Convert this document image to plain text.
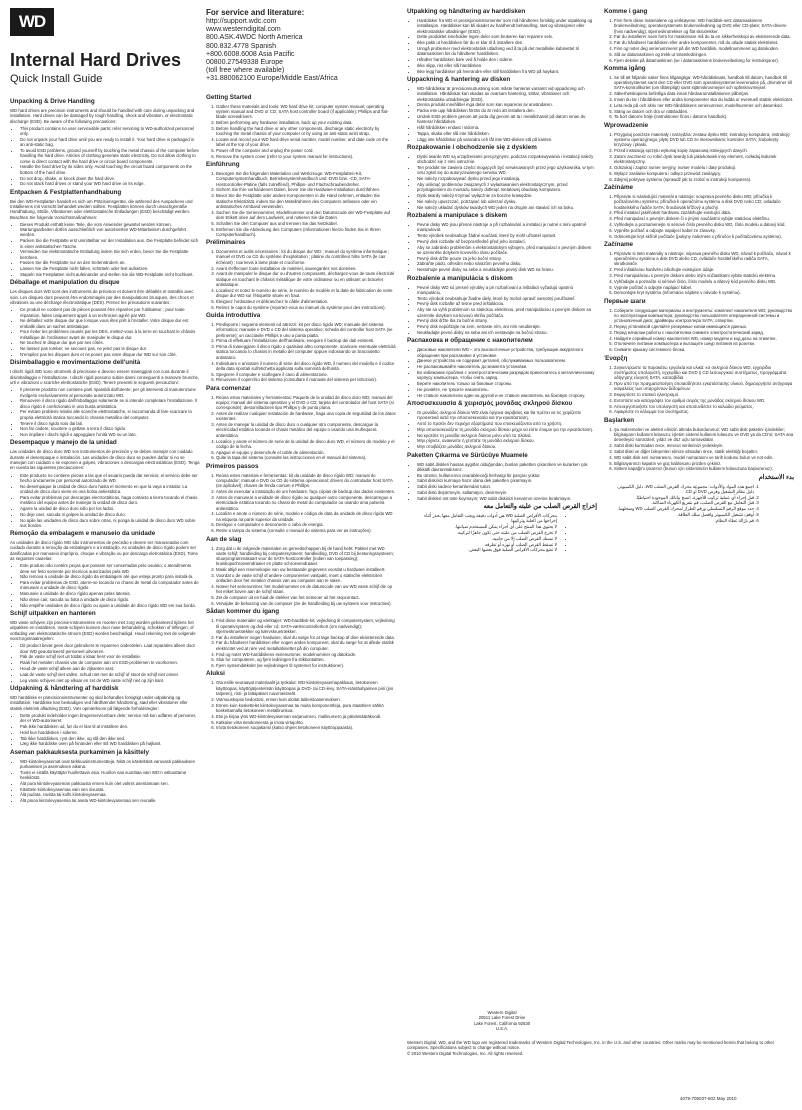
WD
Internal Hard Drives
Quick Install Guide
Unpacking & Drive Handling
WD hard drives are precision instruments and should be handled with care during unpacking and installation. Hard drives can be damaged by rough handling, shock and vibration, or electrostatic discharge (ESD). Be aware of the following precautions:
• This product contains no user serviceable parts; refer servicing to WD-authorized personnel only.
• Do not unpack your hard drive until you are ready to install it. Your hard drive is packaged in an anti-static bag.
• To avoid ESD problems, ground yourself by touching the metal chassis of the computer before handling the hard drive. Articles of clothing generate static electricity. Do not allow clothing to come in direct contact with the hard drive or circuit board components.
• Handle the hard drive by its sides only. Avoid touching the circuit board components on the bottom of the hard drive.
• Do not drop, shake, or knock down the hard drive.
• Do not stack hard drives or stand your WD hard drive on its edge.
Entpacken & Festplattenhandhabung
Bei den WD-Festplatten handelt es sich um Präzisionsgeräte, die während des Auspackens und Installierens mit Vorsicht behandelt werden sollten. Festplatten können durch unsachgemäße Handhabung, Stöße, Vibrationen oder elektrostatische Entladungen (ESD) beschädigt werden. Beachten Sie folgende Vorsichtsmaßnahmen:
• Dieses Produkt enthält keine Teile, die vom Anwender gewartet werden können. Wartungsarbeiten dürfen ausschließlich von autorisierten WD-Mitarbeitern durchgeführt werden.
• Packen Sie die Festplatte erst unmittelbar vor der Installation aus. Die Festplatte befindet sich in einer antistatischen Tasche.
• Vermeiden Sie elektrostatische Entladung indem Sie sich erden, bevor Sie die Festplatte berühren.
• Fassen Sie die Festplatte nur an den Seitenrändern an.
• Lassen Sie die Festplatte nicht fallen, schütteln oder fest aufsetzen.
• Stapeln Sie Festplatten nicht aufeinander und stellen Sie die WD-Festplatte nicht hochkant.
Déballage et manipulation du disque
Les disques durs WD sont des instruments de précision et doivent être déballés et installés avec soin. Les disques durs peuvent être endommagés par des manipulations brusques, des chocs et vibrations ou une décharge électrostatique (DES). Prenez les précautions suivantes :
• Ce produit ne contient pas de pièces pouvant être réparées par l'utilisateur ; pour toute réparation, faites uniquement appel à un technicien agréé par WD.
• Ne déballez votre disque dur que lorsque vous êtes prêt à l'installer. Votre disque dur est emballé dans un sachet antistatique.
• Pour éviter les problèmes causés par les DES, mettez-vous à la terre en touchant le châssis métallique de l'ordinateur avant de manipuler le disque dur.
• Ne touchez le disque dur que par ses côtés.
• Ne laissez pas tomber, ne secouez pas, ne jetez pas le disque dur.
• N'empilez pas les disques durs et ne posez pas votre disque dur WD sur son côté.
Disimballaggio e movimentazione dell'unità
I dischi rigidi WD sono strumenti di precisione e devono essere maneggiati con cura durante il disimballaggio e l'installazione. I dischi rigidi possono subire danni conseguenti a manovre brusche, urti e vibrazioni o scariche elettrostatiche (ESD). Tenere presenti le seguenti precauzioni:
• Il presente prodotto non contiene parti riparabili dall'utente; per gli interventi di manutenzione rivolgersi esclusivamente al personale autorizzato WD.
• Rimuovere il disco rigido dall'imballaggio solamente se si intende completare l'installazione. Il disco rigido è confezionato in una busta antistatica.
• Per evitare problemi relativi alle scariche elettrostatiche, si raccomanda di fare scaricare la propria elettricità statica toccando lo chassis metallico del computer.
• Tenere il disco rigido solo dai lati.
• Non far cadere, scuotere o gettare a terra il disco rigido.
• Non impilare i dischi rigidi o appoggiare l'unità WD su un lato.
Desempaque y manejo de la unidad
Las unidades de disco duro WD son instrumentos de precisión y se deben manejar con cuidado durante el desempaque e instalación. Las unidades de disco duro se pueden dañar si no se manejan con cuidado o se exponen a golpes, vibraciones o descargas electrostáticas (ESD). Tenga en cuenta las siguientes precauciones:
• Este producto no contiene piezas a las que el usuario pueda dar servicio; el servicio debe ser hecho únicamente por personal autorizado de WD.
• No desempaque la unidad de disco duro hasta el momento en que la vaya a instalar. La unidad de disco duro viene en una bolsa antiestática.
• Para evitar problemas por descargas electrostáticas, haga contacto a tierra tocando el chasis metálico del equipo antes de manejar la unidad de disco duro.
• Agarre la unidad de disco duro sólo por los lados.
• No deje caer, sacuda ni golpee la unidad de disco duro.
• No apile las unidades de disco duro sobre otras, ni ponga la unidad de disco duro WD sobre sus bordes.
Remoção da embalagem e manuseio da unidade
As unidades de disco rígido WD são instrumentos de precisão e devem ser manuseadas com cuidado durante a remoção da embalagem e a instalação. As unidades de disco rígido podem ser danificadas por manuseio impróprio, choque e vibração ou por descarga eletrostática (ESD). Tome as seguintes cautelas:
• Este produto não contém peças que possam ser consertadas pelo usuário; o atendimento deve ser feito somente por técnicos autorizados pela WD.
• Não remova a unidade de disco rígido da embalagem até que esteja pronto para instalá-la.
• Para evitar problemas de ESD, aterre-se tocando no chassi de metal do computador antes de manusear a unidade de disco rígido.
• Manuseie a unidade de disco rígido apenas pelas laterais.
• Não deixe cair, sacuda ou bata a unidade de disco rígido.
• Não empilhe unidades de disco rígido ou apoie a unidade de disco rígido WD em sua borda.
Schijf uitpakken en hanteren
WD vaste schijven zijn precisie-instrumenten en moeten met zorg worden gehanteerd tijdens het uitpakken en installeren. Vaste schijven kunnen door ruwe behandeling, schokken of trillingen, of ontlading van elektrostatische stroom (ESD) worden beschadigd. Houd rekening met de volgende voorzorgsmaatregelen:
• Dit product bevat geen door gebruikers te repareren onderdelen. Laat reparaties alleen door door WD geautoriseerd personeel uitvoeren.
• Pak de vaste schijf niet uit totdat u klaar bent voor de installatie.
• Raak het metalen chassis van de computer aan om ESD-problemen te voorkomen.
• Houd de vaste schijf alleen aan de zijkanten vast.
• Laat de vaste schijf niet vallen, schud niet met de schijf of stoot de schijf niet omver.
• Leg vaste schijven niet op elkaar en zet de WD vaste schijf niet op zijn kant.
Udpakning & håndtering af harddisk
WD harddiske er præcisionsinstrumenter og skal behandles forsigtigt under udpakning og installation. Harddiske kan beskadiges ved hårdhændet håndtering, stød eller vibrationer eller statisk elektrisk afladning (ESD). Vær opmærksom på følgende forholdsregler:
• Dette produkt indeholder ingen brugerservicerbare dele; service må kun udføres af personer, der er WD-autoriseret.
• Pak ikke harddisken ud, før du er klar til at installere den.
• Hold kun harddisken i siderne.
• Tab ikke harddisken, ryst den ikke, og slå den ikke ned.
• Læg ikke harddiske oven på hinanden eller stil WD harddisken på højkant.
Aseman pakkauksesta purkaminen ja käsittely
• WD-kiintolevyasemat ovat tarkkuusinstrumentteja. Niitä on käsiteltävä varovasti pakkauksen purkamisen ja asennuksen aikana.
• Tuote ei sisällä käyttäjän huollettavia osia. Huollon saa suorittaa vain WD:n valtuuttama henkilöstö.
• Älä pura kiintolevyaseman pakkausta ennen kuin olet valmis asentamaan sen.
• Käsittele kiintolevyasemaa vain sen sivuista.
• Älä pudota, ravista tai kolhi kiintolevyasemaa.
• Älä pinoa kiintolevyasemia tai aseta WD-kiintolevyasemaa sen reunalle.
For service and literature:
http://support.wdc.com
www.westerndigital.com
800.ASK.4WDC North America
800.832.4778 Spanish
+800.6008.6008 Asia Pacific
00800.27549338 Europe
(toll free where available)
+31.880062100 Europe/Middle East/Africa
Getting Started
1. Gather these materials and tools: WD hard drive kit; computer system manual; operating system manual and DVD or CD; SATA host controller board (if applicable); Phillips and flat-blade screwdrivers.
2. Before performing any hardware installation, back up your existing data.
3. Before handling the hard drive or any other components, discharge static electricity by touching the metal chassis of your computer or by using an anti-static wrist strap.
4. Locate and record your WD hard drive serial number, model number, and date code on the label at the top of your drive.
5. Power off the computer and unplug the power cord.
6. Remove the system cover (refer to your system manual for instructions).
Einführung
1. Besorgen Sie die folgenden Materialien und Werkzeuge: WD-Festplatten-Kit, Computersystemhandbuch, Betriebssystemhandbuch und -DVD bzw. -CD, SATA-Hostcontroller-Platine (falls zutreffend), Phillips- und Flachschraubendreher.
2. Sichern Sie Ihre vorhandenen Daten, bevor Sie die Hardware-Installation durchführen.
3. Bevor Sie die Festplatte oder andere Komponenten in die Hand nehmen, entladen Sie statische Elektrizität, indem Sie den Metallrahmen des Computers anfassen oder ein antistatisches Armband verwenden.
4. Suchen Sie die Seriennummer, Modellnummer und den Datumscode der WD-Festplatte auf dem Etikett oben auf dem Laufwerk, und notieren Sie die Daten.
5. Schalten Sie den Computer aus und trennen Sie das Netzkabel.
6. Entfernen Sie die Abdeckung des Computers (Informationen hierzu finden Sie in Ihrem Computerhandbuch).
Préliminaires
1. Documents et outils nécessaires : kit du disque dur WD ; manuel du système informatique ; manuel et DVD ou CD du système d'exploitation ; platine du contrôleur hôte SATA (le cas échéant) ; tournevis à lame plate et cruciforme.
2. Avant d'effectuer toute installation de matériel, sauvegardez vos données.
3. Avant de manipuler le disque dur ou d'autres composants, déchargez-vous de toute électricité statique en touchant le châssis métallique de votre ordinateur ou en utilisant un bracelet antistatique.
4. Localisez et notez le numéro de série, le numéro de modèle et la date de fabrication de votre disque dur WD sur l'étiquette située en haut.
5. Éteignez l'ordinateur et débranchez le câble d'alimentation.
6. Retirez le capot du système (reportez-vous au manuel du système pour des instructions).
Guida introduttiva
1. Predisporre i seguenti elementi ed attrezzi: kit per disco rigido WD; manuale del sistema informatico; manuale e DVD o CD del sistema operativo; scheda del controller host SATA (se pertinente); un cacciavite Phillips e uno a punta piatta.
2. Prima di effettuare l'installazione dell'hardware, eseguire il backup dei dati esistenti.
3. Prima di maneggiare il disco rigido o qualsiasi altro componente, scaricare eventuale elettricità statica toccando lo chassis in metallo del computer oppure indossando un braccialetto antistatico.
4. Individuare e annotare il numero di serie del disco rigido WD, il numero del modello e il codice della data riportati sull'etichetta applicata sulla sommità dell'unità.
5. Spegnere il computer e scollegare il cavo di alimentazione.
6. Rimuovere il coperchio del sistema (consultare il manuale del sistema per istruzioni).
Para comenzar
1. Reúna estos materiales y herramientas: Paquete de la unidad de disco duro WD; manual del equipo; manual del sistema operativo y el DVD o CD; tarjeta del controlador del host SATA (si corresponde); destornilladores tipo Phillips y de punta plana.
2. Antes de realizar cualquier instalación de hardware, haga una copia de seguridad de los datos existentes.
3. Antes de manejar la unidad de disco duro o cualquier otro componente, descargue la electricidad estática tocando el chasis metálico del equipo o usando una muñequera antiestática.
4. Localice y anote el número de serie de la unidad de disco duro WD, el número de modelo y el código de la fecha.
5. Apague el equipo y desenchufe el cable de alimentación.
6. Quite la tapa del sistema (consulte las instrucciones en el manual del sistema).
Primeiros passos
1. Reúna estes materiais e ferramentas: kit da unidade de disco rígido WD; manual do computador; manual e DVD ou CD do sistema operacional; drivers do controlador host SATA (se aplicável); chaves de fenda comum e Phillips.
2. Antes de executar a instalação de um hardware, faça cópias de backup dos dados existentes.
3. Antes de manusear a unidade de disco rígido ou qualquer outro componente, descarregue a eletricidade estática tocando no chassi de metal do computador ou usando uma pulseira antiestática.
4. Localize e anote o número de série, modelo e código de data da unidade de disco rígido WD na etiqueta na parte superior da unidade.
5. Desligue o computador e desconecte o cabo de energia.
6. Retire a tampa do sistema (consulte o manual do sistema para ver as instruções).
Aan de slag
1. Zorg dat u de volgende materialen en gereedschappen bij de hand hebt: Pakket met WD vaste schijf; handleiding bij computersysteem; handleiding, DVD of CD bij besturingssysteem; stuurprogrammakaart voor de SATA-hostcontroller (indien van toepassing); kruiskopschroevendraaier en platte schroevendraaier.
2. Maak altijd een reservekopie van uw bestaande gegevens voordat u hardware installeert.
3. Voordat u de vaste schijf of andere componenten vastpakt, moet u statische elektriciteit ontladen door het metalen chassis van uw computer aan te raken.
4. Noteer het serienummer, het modelnummer en de datumcode van uw WD vaste schijf die op het etiket boven aan de schijf staan.
5. Zet de computer uit en haal de stekker van het netsnoer uit het stopcontact.
6. Verwijder de behuizing van de computer (zie de handleiding bij uw systeem voor instructies).
Sådan kommer du igang
1. Find disse materialer og værktøjer: WD-harddisk-kit; vejledning til computersystem; vejledning til operativsystem og dvd eller cd; SATA-værtscontrollerkort (om nødvendigt); stjerneskruetrækker og kærvskruetrækker.
2. Før du installerer nogen hardware, skal du sørge for at tage backup af dine eksisterende data.
3. Før du håndterer harddisken eller nogen anden komponent, skal du sørge for at aflede statisk elektricitet ved at røre ved metalkabinettet på din computer.
4. Find og noter WD-harddiskens serienummer, modelnummer og datokode.
5. Sluk for computeren, og fjern ledningen fra stikkontakten.
6. Fjern systemdækslet (se vejledningen til systemet for instruktioner).
Aluksi
1. Ota esille seuraavat materiaalit ja työkalut: WD-kiintolevyasemapakkaus, tietokoneen käyttöopas, käyttöjärjestelmän käyttöopas ja DVD- tai CD-levy, SATA-isäntäohjaimen piiri (jos tarpeen), risti- ja lattapäiset ruuvimeisselit.
2. Varmuuskopioi tiedostosi, ennen kuin aloitat laitteistoasennuksen.
3. Ennen kuin koskettelet kiintolevyasemaa tai muita komponentteja, pura staattinen sähkö koskettamalla tietokoneen metallirunkoa.
4. Etsi ja kirjaa ylös WD-kiintolevyaseman sarjanumero, mallinumero ja päivämääräkoodi.
5. Katkaise virta tietokoneesta ja irrota virtajohto.
6. Irrota tietokoneen suojakansi (katso ohjeet tietokoneen käyttöoppaasta).
Utpakking og håndtering av harddisken
• Harddisker fra WD er presisjonsinstrumenter som må håndteres forsiktig under utpakking og installasjon. Harddisker kan bli skadet av hardhendt behandling, støt og vibrasjoner eller elektrostatiske utladninger (ESD).
• Dette produktet inneholder ingen deler som brukeren kan reparere selv.
• Ikke pakk ut harddisken før du er klar til å installere den.
• Unngå problemer med elektrostatisk utladning ved å ta på det metalliske kabinettet til datamaskinen før du håndterer harddisken.
• Håndter harddisken bare ved å holde den i sidene.
• Ikke slipp, rist eller slå harddisken.
• Ikke legg harddisker på hverandre eller still harddisken fra WD på høykant.
Uppackning & hantering av disken
• WD-hårddiskar är precisionsutrustning som måste hanteras varsamt vid uppackning och installation. Hårddiskar kan skadas av ovarsam hantering, stötar, vibrationer och elektrostatiska urladdningar (ESD).
• Denna produkt innehåller inga delar som kan repareras av användaren.
• Packa inte upp hårddisken förrän du är redo att installera den.
• Undvik ESD-problem genom att jorda dig genom att ta i metallchassit på datorn innan du hanterar hårddisken.
• Håll hårddisken endast i sidorna.
• Tappa, skaka eller slå inte hårddisken.
• Lägg inte hårddiskar på varandra och låt inte WD-disken stå på kanten.
Rozpakowanie i obchodzenie się z dyskiem
• Dyski twarde WD są urządzeniami precyzyjnymi, podczas rozpakowywania i instalacji należy obchodzić się z nimi ostrożnie.
• Ten produkt nie zawiera części mogących być serwisowanych przez jego użytkownika, w tym celu zgłoś się do autoryzowanego serwisu WD.
• Nie należy rozpakowywać dysku przed jego instalacją.
• Aby uniknąć problemów związanych z wyładowaniem elektrostatycznym, przed przystąpieniem do montażu należy dotknąć metalowej obudowy komputera.
• Dysk twardy należy trzymać wyłącznie za boczne krawędzie.
• Nie należy upuszczać, potrząsać lub uderzać dysku.
• Nie należy układać dysków twardych WD jeden na drugim ani stawiać ich na boku.
Rozbalení a manipulace s diskem
• Pevné disky WD jsou přesné nástroje a při rozbalování a instalaci je nutné s nimi opatrně manipulovat.
• Tento výrobek neobsahuje žádné součásti, které by mohl uživatel opravit.
• Pevný disk rozbalte až bezprostředně před jeho instalací.
• Aby se zabránilo problémům s elektrostatickým výbojem, před manipulací s pevným diskem se uzemněte dotykem kovového rámu počítače.
• Pevný disk držte pouze za jeho boční strany.
• Zabraňte pádu, otřesům nebo nárazům pevného disku.
• Nestohujte pevné disky na sebe a neukládejte pevný disk WD na hranu.
Rozbalenie a manipulácia s diskom
• Pevné disky WD sú presné výrobky a pri rozbaľovaní a inštalácii vyžadujú opatrnú manipuláciu.
• Tento výrobok neobsahuje žiadne diely, ktoré by mohol opraviť samotný používateľ.
• Pevný disk rozbaľte až tesne pred inštaláciou.
• Aby ste sa vyhli problémom so statickou elektrinou, pred manipuláciou s pevným diskom sa uzemnite dotykom na kovovú skriňu počítača.
• Pevný disk držte iba za bočné strany.
• Pevný disk nepúšťajte na zem, netraste ním, ani ním neudierajte.
• Neukladajte pevné disky na seba ani ich nestavajte na bočnú stranu.
Распаковка и обращение с накопителем
• Дисковые накопители WD – это высокоточные устройства, требующие аккуратного обращения при распаковке и установке.
• Данное устройство не содержит деталей, обслуживаемых пользователем.
• Не распаковывайте накопитель до момента установки.
• Во избежание проблем с электростатическим разрядом прикоснитесь к металлическому корпусу компьютера, чтобы снять заряд.
• Берите накопитель только за боковые стороны.
• Не роняйте, не трясите накопитель.
• Не ставьте накопители один на другой и не ставьте накопитель на боковую сторону.
Αποσυσκευασία & χειρισμός μονάδας σκληρού δίσκου
• Οι μονάδες σκληρού δίσκου WD είναι όργανα ακριβείας και θα πρέπει να τις χειρίζεστε προσεκτικά κατά την αποσυσκευασία και την εγκατάσταση.
• Αυτό το προϊόν δεν περιέχει εξαρτήματα που επισκευάζονται από το χρήστη.
• Μην αποσυσκευάζετε τη μονάδα σκληρού δίσκου μέχρι να είστε έτοιμοι για την εγκατάσταση.
• Να κρατάτε τη μονάδα σκληρού δίσκου μόνο από τα πλαϊνά.
• Μην ρίχνετε, ανακινείτε ή χτυπάτε τη μονάδα σκληρού δίσκου.
• Μην στοιβάζετε μονάδες σκληρού δίσκου.
Paketten Çıkarma ve Sürücüye Muamele
• WD sabit diskleri hassas aygıtlar olduğundan, bunları paketten çıkarırken ve kurarken çok dikkatli davranmalısınız.
• Bu ürünün, kullanıcının onarabileceği herhangi bir parçası yoktur.
• Sabit diskinizi kurmaya hazır olana dek paketten çıkarmayın.
• Sabit diski sadece kenarlarından tutun.
• Sabit diski düşürmeyin, sallamayın, devirmeyin.
• Sabit diskleri üst üste koymayın; WD sabit diskinizi kenarının üzerine bırakmayın.
إخراج القرص الصلب من علبته والتعامل معه
• محركات الأقراص الصلبة WD هي أدوات دقيقة ويجب التعامل معها بحذر أثناء إخراجها من العلبة وتركيبها.
• لا يحتوي هذا المنتج على أي أجزاء يمكن للمستخدم صيانتها.
• لا تخرج القرص الصلب من علبته حتى تكون جاهزًا لتركيبه.
• لا تمسك القرص الصلب إلا من جانبيه.
• لا تسقط القرص الصلب أو تهزه أو تطرقه.
• لا تضع محركات الأقراص الصلبة فوق بعضها البعض.
Komme i gang
1. Finn frem disse materialene og verktøyene: WD harddisk-sett; datamaskinens brukerveiledning; operativsystemets brukerveiledning og DVD eller CD-plate; SATA-drivere (hvis nødvendig); stjerneskrutrekker og flat skrutrekker.
2. Før du installerer noen form for maskinvare må du ta en sikkerhetskopi av eksisterende data.
3. Før du håndterer harddisken eller andre komponenter, må du utlade statisk elektrisitet.
4. Finn og noter deg serienummeret på din WD harddisk, modellnummeret og datokoden.
5. Slå av datamaskinen og trekk ut strømledningen.
6. Fjern dekslet på datamaskinen (se i datamaskinens brukerveiledning for instruksjoner).
Komma igång
1. Se till att följande saker finns tillgängliga: WD-hårddisksats, handbok till datorn, handbok till operativsystemet samt den CD eller DVD som operativsystemet levererades på, drivrutiner till SATA-kontrollkortet (om tillämpligt) samt stjärnskruvmejsel och spårskruvmejsel.
2. Säkerhetskopiera befintliga data innan hårdvaruinstallationen påbörjas.
3. Innan du tar i hårddisken eller andra komponenter ska du ladda ur eventuell statisk elektricitet.
4. Leta reda på och skriv ner WD-hårddiskens serienummer, modellnummer och datumkod.
5. Stäng av datorn och dra ur nätsladden.
6. Ta bort datorns hölje (instruktioner finns i datorns handbok).
Wprowadzenie
1. Przygotuj poniższe materiały i narzędzia: zestaw dysku WD; instrukcję komputera; instrukcję systemu operacyjnego, płytę DVD lub CD ze sterownikami; kontroler SATA; śrubokręty krzyżowy i płaski.
2. Przed instalacją sprzętu wykonaj kopię zapasową istniejących danych.
3. Zanim zaczniesz co robić dysk twardy lub jakiekolwiek inny element, rozładuj ładunek elektrostatyczny.
4. Odszukaj i zapisz numer seryjny, numer modelu i datę produkcji.
5. Wyłącz zasilanie komputera i odłącz przewód zasilający.
6. Zdejmij pokrywę systemu (sprawdź jak to zrobić w instrukcji komputera).
Začínáme
1. Připravte si následující materiál a nástroje: souprava pevného disku WD; příručka k počítačovému systému; příručka k operačnímu systému a disk DVD nebo CD; ovladače hostitelského řadiče SATA; šroubovák křížový a plochý.
2. Před instalací jakéhokoli hardwaru zazálohujte existující data.
3. Před manipulací s pevným diskem či s jinými součástmi vybijte statickou elektřinu.
4. Vyhledejte a poznamenejte si sériové číslo pevného disku WD, číslo modelu a datový kód.
5. Vypněte počítač a odpojte napájecí kabel ze zásuvky.
6. Odmontujte kryt skříně počítače (pokyny naleznete v příručce k počítačovému systému).
Začíname
1. Pripravte si tieto materiály a nástroje: súprava pevného disku WD, návod k počítaču, návod k operačnému systému a disk DVD alebo CD, ovládače hostiteľského radiča SATA, skrutkovače.
2. Pred inštaláciou hardvéru zálohujte existujúce údaje.
3. Pred manipuláciou s pevným diskom alebo iným súčiastkami vybite statickú elektrinu.
4. Vyhľadajte a poznačte si sériové číslo, číslo modelu a dátový kód pevného disku WD.
5. Vypnite počítač a odpojte napájací kábel.
6. Demontujte kryt systému (informácie nájdete v návode k systému).
Первые шаги
1. Соберите следующие материалы и инструменты: комплект накопителя WD; руководство по эксплуатации компьютера; руководство пользователя операционной системы и установочный диск; драйверы контроллера SATA; отвертки.
2. Перед установкой сделайте резервные копии имеющихся данных.
3. Перед началом работы с накопителем снимите электростатический заряд.
4. Найдите серийный номер накопителя WD, номер модели и код даты на этикетке.
5. Отключите питание компьютера и вытащите шнур питания из розетки.
6. Снимите крышку системного блока.
Έναρξη
1. Συγκεντρώστε τα παρακάτω εργαλεία και υλικά: κιτ σκληρού δίσκου WD, εγχειρίδιο συστήματος υπολογιστή, εγχειρίδιο και DVD ή CD λειτουργικού συστήματος, προγράμματα οδήγησης ελεγκτή SATA, κατσαβίδια.
2. Πριν από την πραγματοποίηση οποιασδήποτε εγκατάστασης υλικού, δημιουργήστε αντίγραφα ασφαλείας των υπαρχόντων δεδομένων.
3. Εκφορτίστε το στατικό ηλεκτρισμό.
4. Εντοπίστε και καταγράψτε τον αριθμό σειράς της μονάδας σκληρού δίσκου WD.
5. Απενεργοποιήστε τον υπολογιστή και αποσυνδέστε το καλώδιο ρεύματος.
6. Αφαιρέστε το κάλυμμα του συστήματος.
Başlarken
1. Şu malzemeleri ve aletleri elinizin altında bulundurunuz: WD sabit disk paketini içindekiler; bilgisayarın kullanım kılavuzu; işletim sistemi kullanım kılavuzu ve DVD ya da CD'si; SATA ana denetleyici sürücüleri; yıldız ve düz uçlu tornavidalar.
2. Sabit diski kurmadan önce, mevcut verilerinizi yedekleyin.
3. Sabit diski ve diğer bileşenleri elinize almadan önce, statik elektriği boşaltın.
4. WD sabit disk seri numarasını, model numarasını ve tarih kodunu bulun ve not edin.
5. Bilgisayarınızı kapatın ve güç kablosunu prizden çekiniz.
6. Sistem kapağını çıkarınız (bunun için sisteminizin kullanım kılavuzuna başvurunuz).
بدء الاستخدام
1. اجمع هذه المواد والأدوات: مجموعة محرك القرص الصلب WD، دليل الكمبيوتر، دليل نظام التشغيل وقرص DVD أو CD.
2. قبل إجراء أي عملية تركيب للأجهزة، انسخ بياناتك الموجودة احتياطيًا.
3. قبل التعامل مع القرص الصلب، قم بتفريغ الكهرباء الساكنة.
4. حدد موقع الرقم التسلسلي ورقم الطراز لمحرك القرص الصلب WD وسجلهما.
5. أوقف تشغيل الكمبيوتر وافصل سلك الطاقة.
6. قم بإزالة غطاء النظام.
Western Digital
20511 Lake Forest Drive
Lake Forest, California 92630
U.S.A.
Western Digital, WD, and the WD logo are registered trademarks of Western Digital Technologies, Inc. in the U.S. and other countries. Other marks may be mentioned herein that belong to other companies. Specifications subject to change without notice.
© 2010 Western Digital Technologies, Inc. All rights reserved.
4079-705037-602 May 2010
